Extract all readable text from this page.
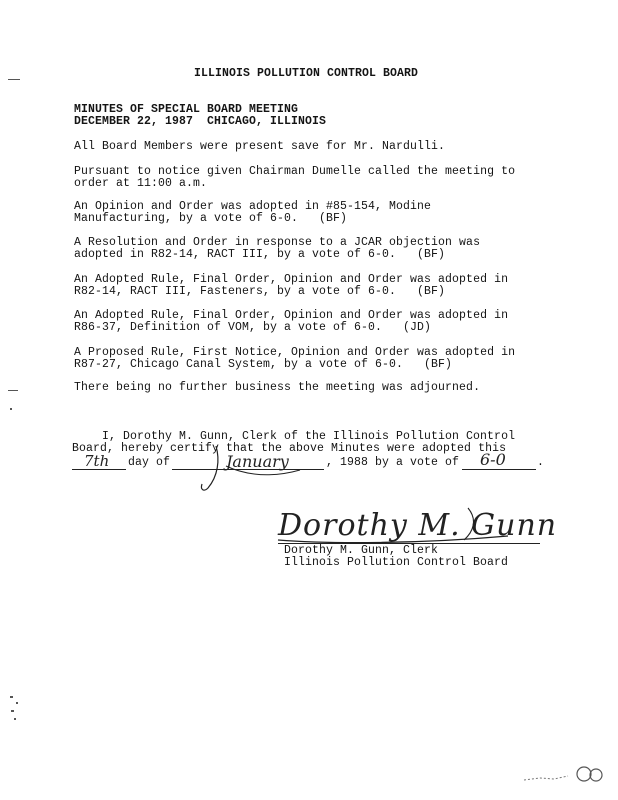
ILLINOIS POLLUTION CONTROL BOARD
MINUTES OF SPECIAL BOARD MEETING
DECEMBER 22, 1987  CHICAGO, ILLINOIS
All Board Members were present save for Mr. Nardulli.
Pursuant to notice given Chairman Dumelle called the meeting to
order at 11:00 a.m.
An Opinion and Order was adopted in #85-154, Modine
Manufacturing, by a vote of 6-0.   (BF)
A Resolution and Order in response to a JCAR objection was
adopted in R82-14, RACT III, by a vote of 6-0.   (BF)
An Adopted Rule, Final Order, Opinion and Order was adopted in
R82-14, RACT III, Fasteners, by a vote of 6-0.   (BF)
An Adopted Rule, Final Order, Opinion and Order was adopted in
R86-37, Definition of VOM, by a vote of 6-0.   (JD)
A Proposed Rule, First Notice, Opinion and Order was adopted in
R87-27, Chicago Canal System, by a vote of 6-0.   (BF)
There being no further business the meeting was adjourned.
I, Dorothy M. Gunn, Clerk of the Illinois Pollution Control
Board, hereby certify that the above Minutes were adopted this
day of	, 1988 by a vote of	.
7th	January	6-0
Dorothy M. Gunn
Dorothy M. Gunn, Clerk
Illinois Pollution Control Board
